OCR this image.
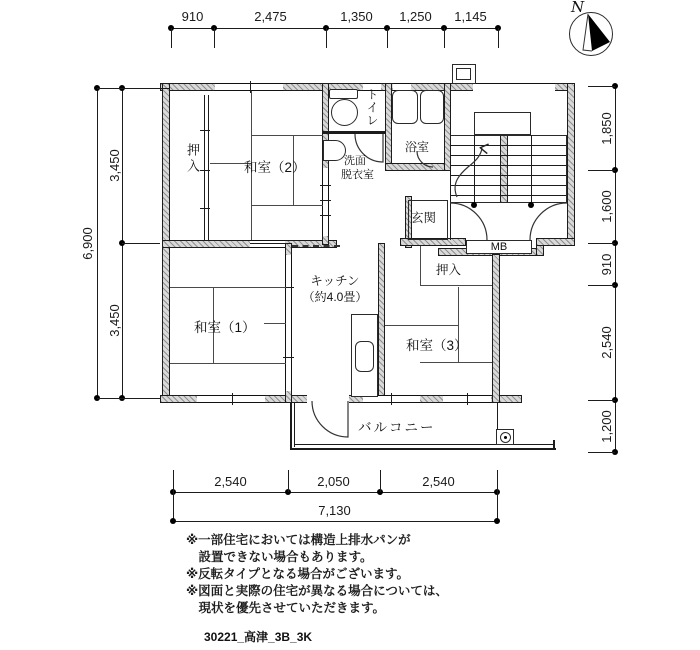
N
押入	和室（2）
トイレ
洗面
脱衣室
浴室
玄関
MB
押入
キッチン
（約4.0畳）
和室（1）
和室（3）
バルコニー
910	2,475	1,350	1,250	1,145
6,900
3,450
3,450
1,850
1,600
910
2,540
1,200
2,540	2,050	2,540
7,130
※一部住宅においては構造上排水パンが
　設置できない場合もあります。
※反転タイプとなる場合がございます。
※図面と実際の住宅が異なる場合については、
　現状を優先させていただきます。
30221_高津_3B_3K
